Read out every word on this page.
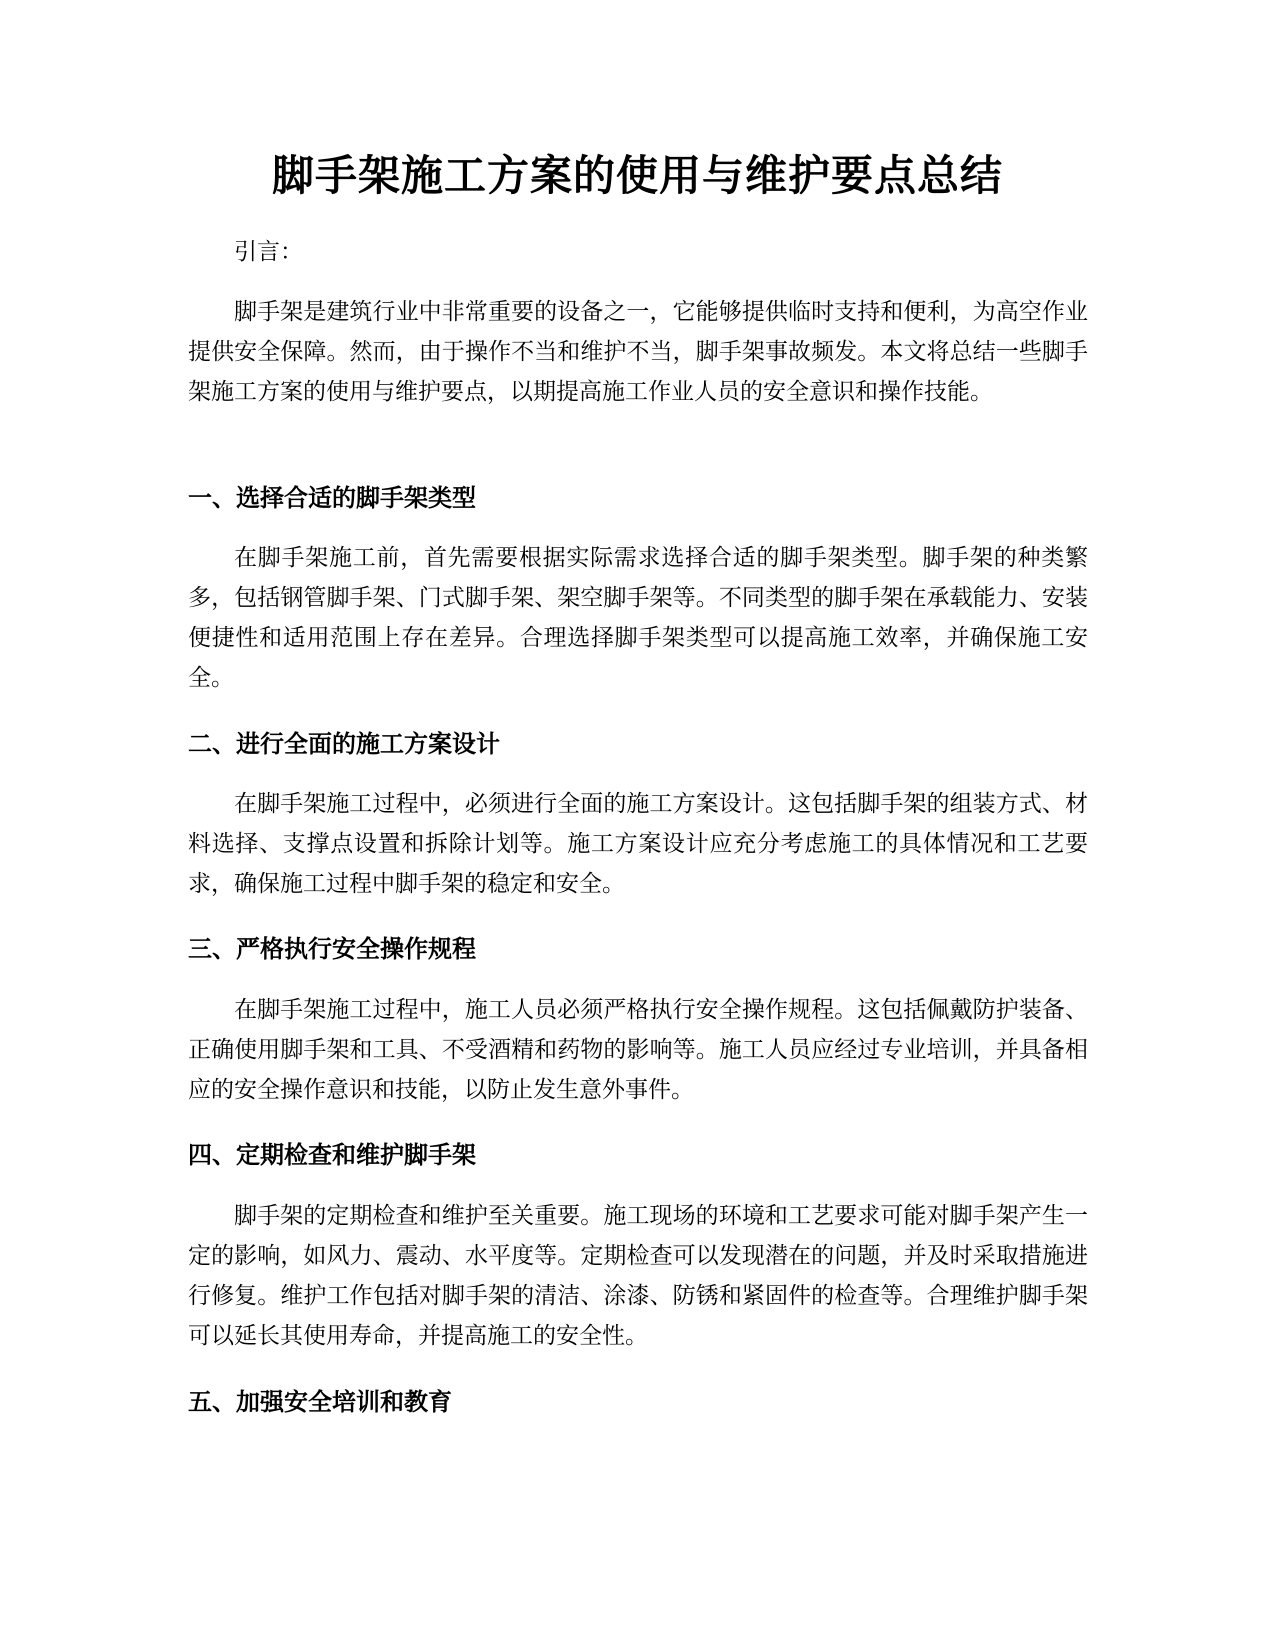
脚手架施工方案的使用与维护要点总结

引言：

脚手架是建筑行业中非常重要的设备之一，它能够提供临时支持和便利，为高空作业提供安全保障。然而，由于操作不当和维护不当，脚手架事故频发。本文将总结一些脚手架施工方案的使用与维护要点，以期提高施工作业人员的安全意识和操作技能。

一、选择合适的脚手架类型

在脚手架施工前，首先需要根据实际需求选择合适的脚手架类型。脚手架的种类繁多，包括钢管脚手架、门式脚手架、架空脚手架等。不同类型的脚手架在承载能力、安装便捷性和适用范围上存在差异。合理选择脚手架类型可以提高施工效率，并确保施工安全。

二、进行全面的施工方案设计

在脚手架施工过程中，必须进行全面的施工方案设计。这包括脚手架的组装方式、材料选择、支撑点设置和拆除计划等。施工方案设计应充分考虑施工的具体情况和工艺要求，确保施工过程中脚手架的稳定和安全。

三、严格执行安全操作规程

在脚手架施工过程中，施工人员必须严格执行安全操作规程。这包括佩戴防护装备、正确使用脚手架和工具、不受酒精和药物的影响等。施工人员应经过专业培训，并具备相应的安全操作意识和技能，以防止发生意外事件。

四、定期检查和维护脚手架

脚手架的定期检查和维护至关重要。施工现场的环境和工艺要求可能对脚手架产生一定的影响，如风力、震动、水平度等。定期检查可以发现潜在的问题，并及时采取措施进行修复。维护工作包括对脚手架的清洁、涂漆、防锈和紧固件的检查等。合理维护脚手架可以延长其使用寿命，并提高施工的安全性。

五、加强安全培训和教育
